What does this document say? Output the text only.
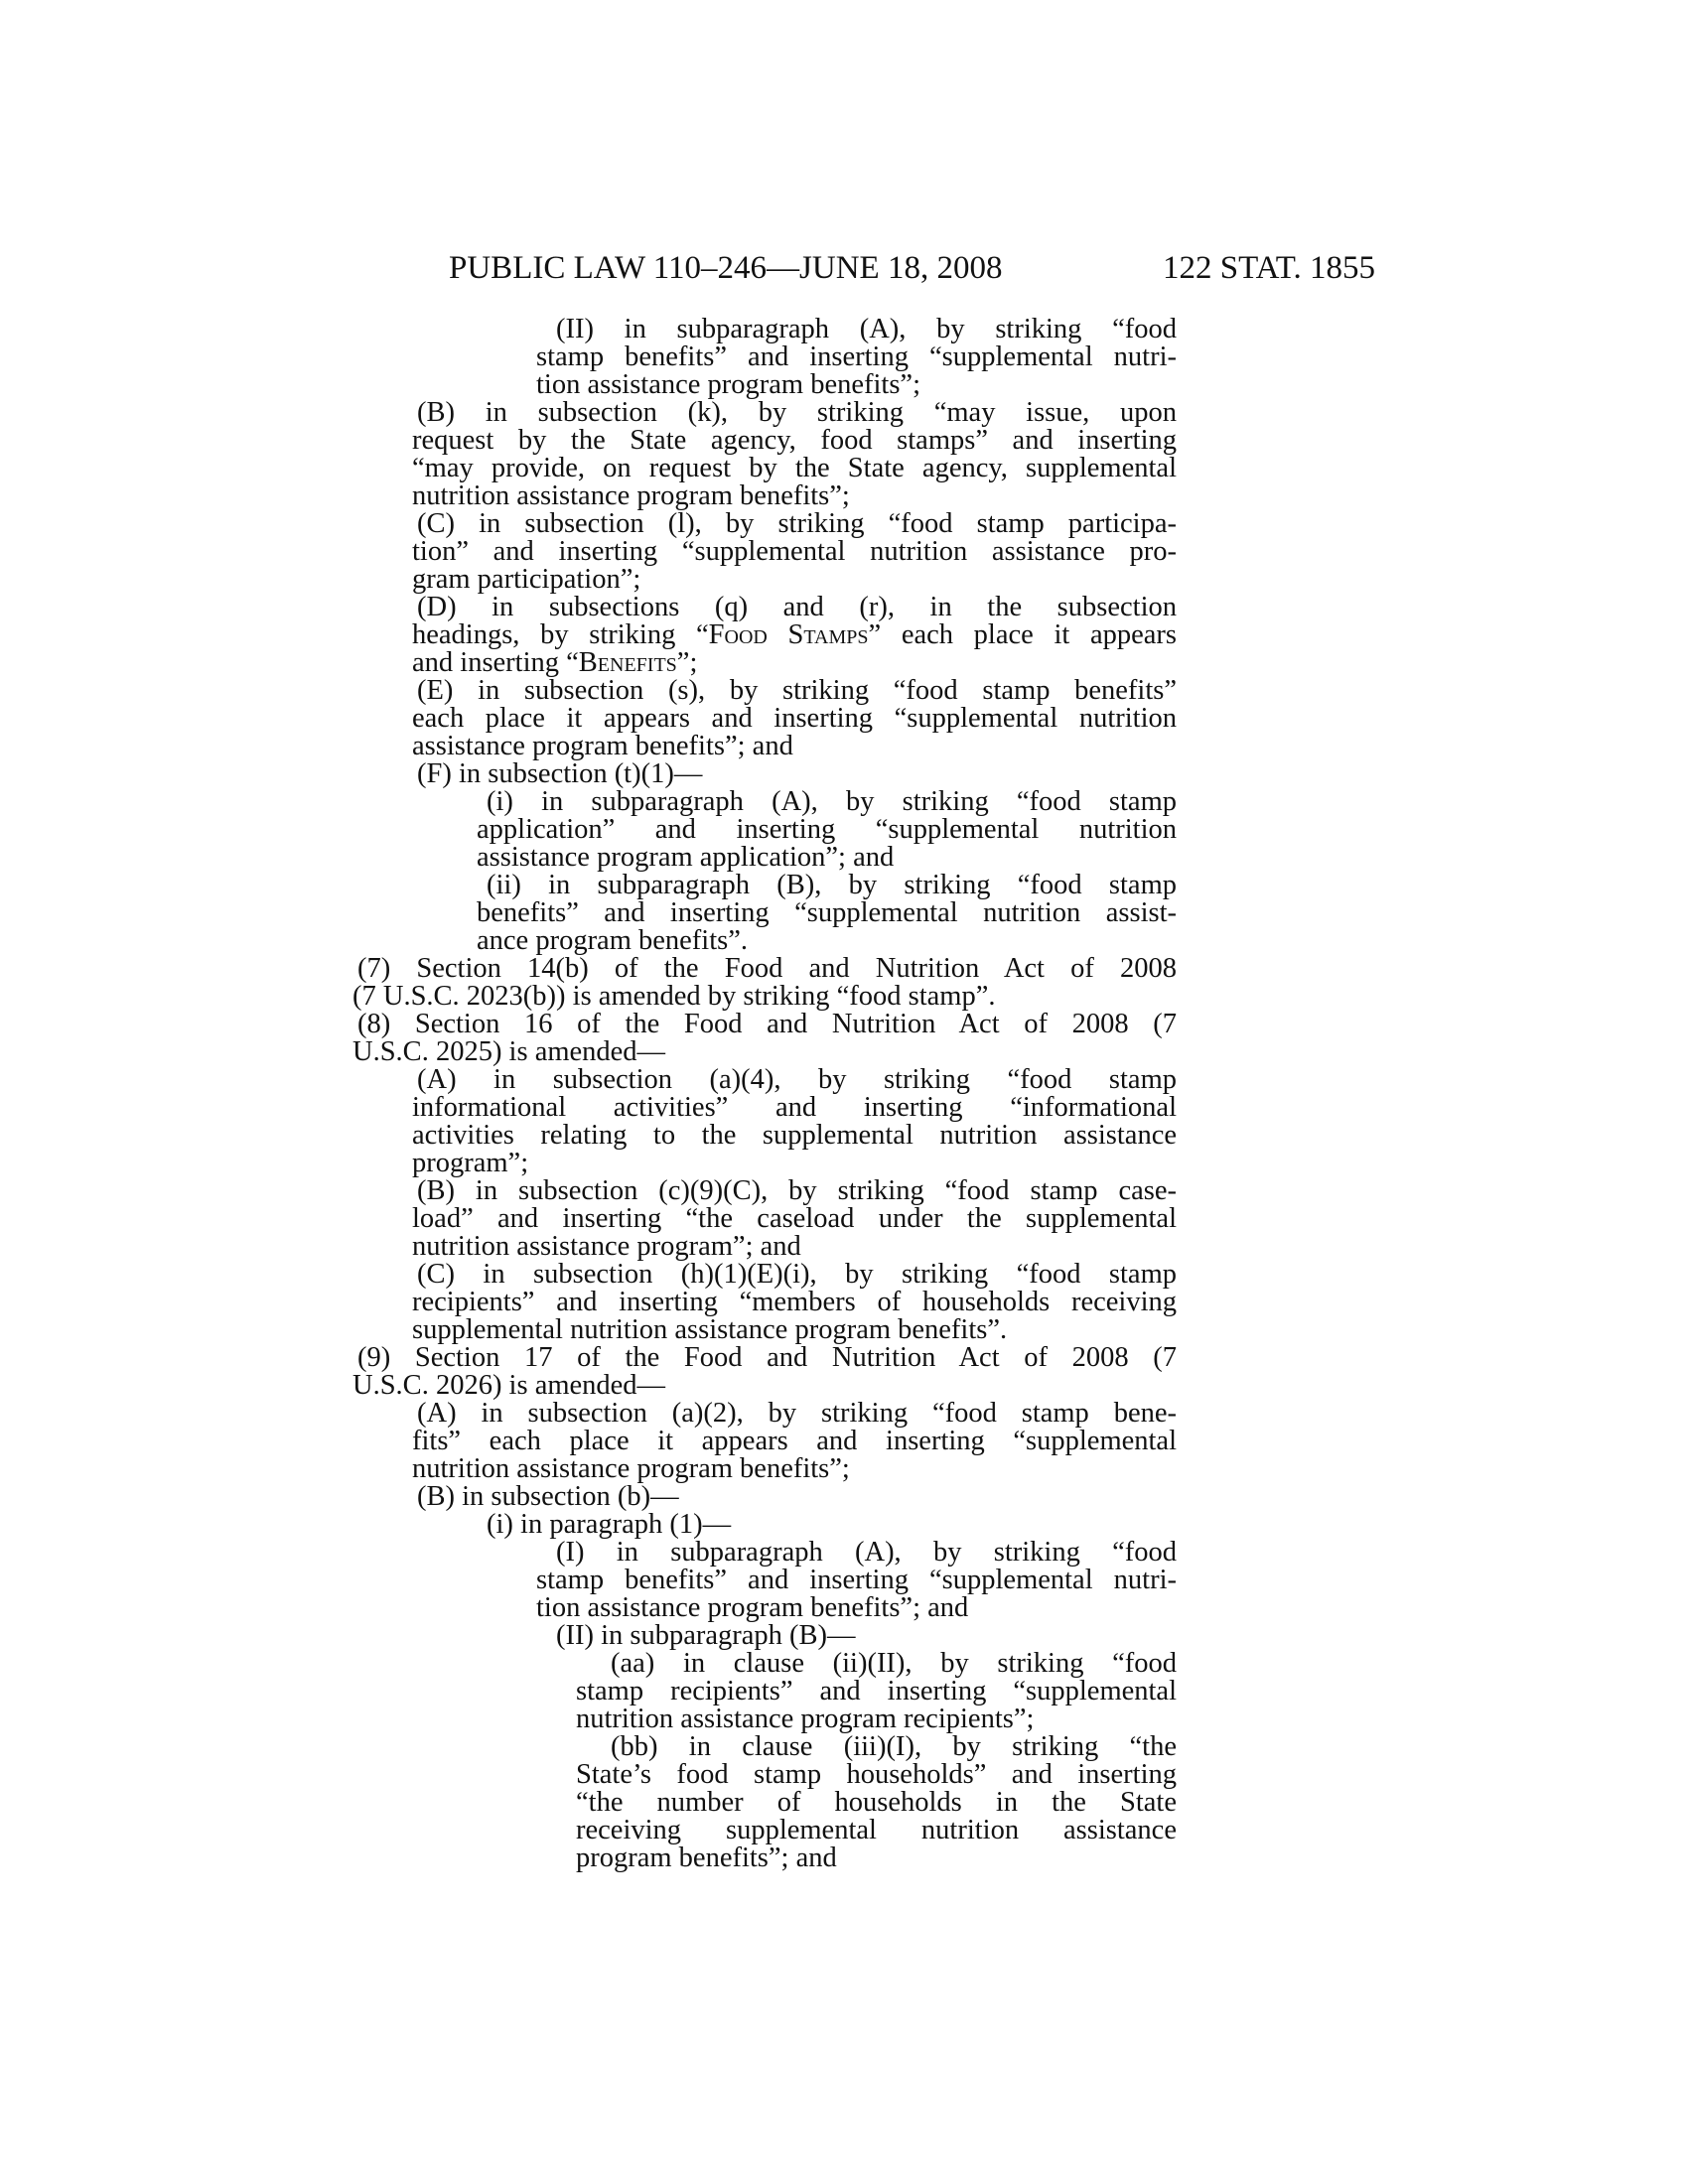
PUBLIC LAW 110–246—JUNE 18, 2008	122 STAT. 1855
(II) in subparagraph (A), by striking “food
stamp benefits” and inserting “supplemental nutri-
tion assistance program benefits”;
(B) in subsection (k), by striking “may issue, upon
request by the State agency, food stamps” and inserting
“may provide, on request by the State agency, supplemental
nutrition assistance program benefits”;
(C) in subsection (l), by striking “food stamp participa-
tion” and inserting “supplemental nutrition assistance pro-
gram participation”;
(D) in subsections (q) and (r), in the subsection
headings, by striking “Food Stamps” each place it appears
and inserting “Benefits”;
(E) in subsection (s), by striking “food stamp benefits”
each place it appears and inserting “supplemental nutrition
assistance program benefits”; and
(F) in subsection (t)(1)—
(i) in subparagraph (A), by striking “food stamp
application” and inserting “supplemental nutrition
assistance program application”; and
(ii) in subparagraph (B), by striking “food stamp
benefits” and inserting “supplemental nutrition assist-
ance program benefits”.
(7) Section 14(b) of the Food and Nutrition Act of 2008
(7 U.S.C. 2023(b)) is amended by striking “food stamp”.
(8) Section 16 of the Food and Nutrition Act of 2008 (7
U.S.C. 2025) is amended—
(A) in subsection (a)(4), by striking “food stamp
informational activities” and inserting “informational
activities relating to the supplemental nutrition assistance
program”;
(B) in subsection (c)(9)(C), by striking “food stamp case-
load” and inserting “the caseload under the supplemental
nutrition assistance program”; and
(C) in subsection (h)(1)(E)(i), by striking “food stamp
recipients” and inserting “members of households receiving
supplemental nutrition assistance program benefits”.
(9) Section 17 of the Food and Nutrition Act of 2008 (7
U.S.C. 2026) is amended—
(A) in subsection (a)(2), by striking “food stamp bene-
fits” each place it appears and inserting “supplemental
nutrition assistance program benefits”;
(B) in subsection (b)—
(i) in paragraph (1)—
(I) in subparagraph (A), by striking “food
stamp benefits” and inserting “supplemental nutri-
tion assistance program benefits”; and
(II) in subparagraph (B)—
(aa) in clause (ii)(II), by striking “food
stamp recipients” and inserting “supplemental
nutrition assistance program recipients”;
(bb) in clause (iii)(I), by striking “the
State’s food stamp households” and inserting
“the number of households in the State
receiving supplemental nutrition assistance
program benefits”; and
